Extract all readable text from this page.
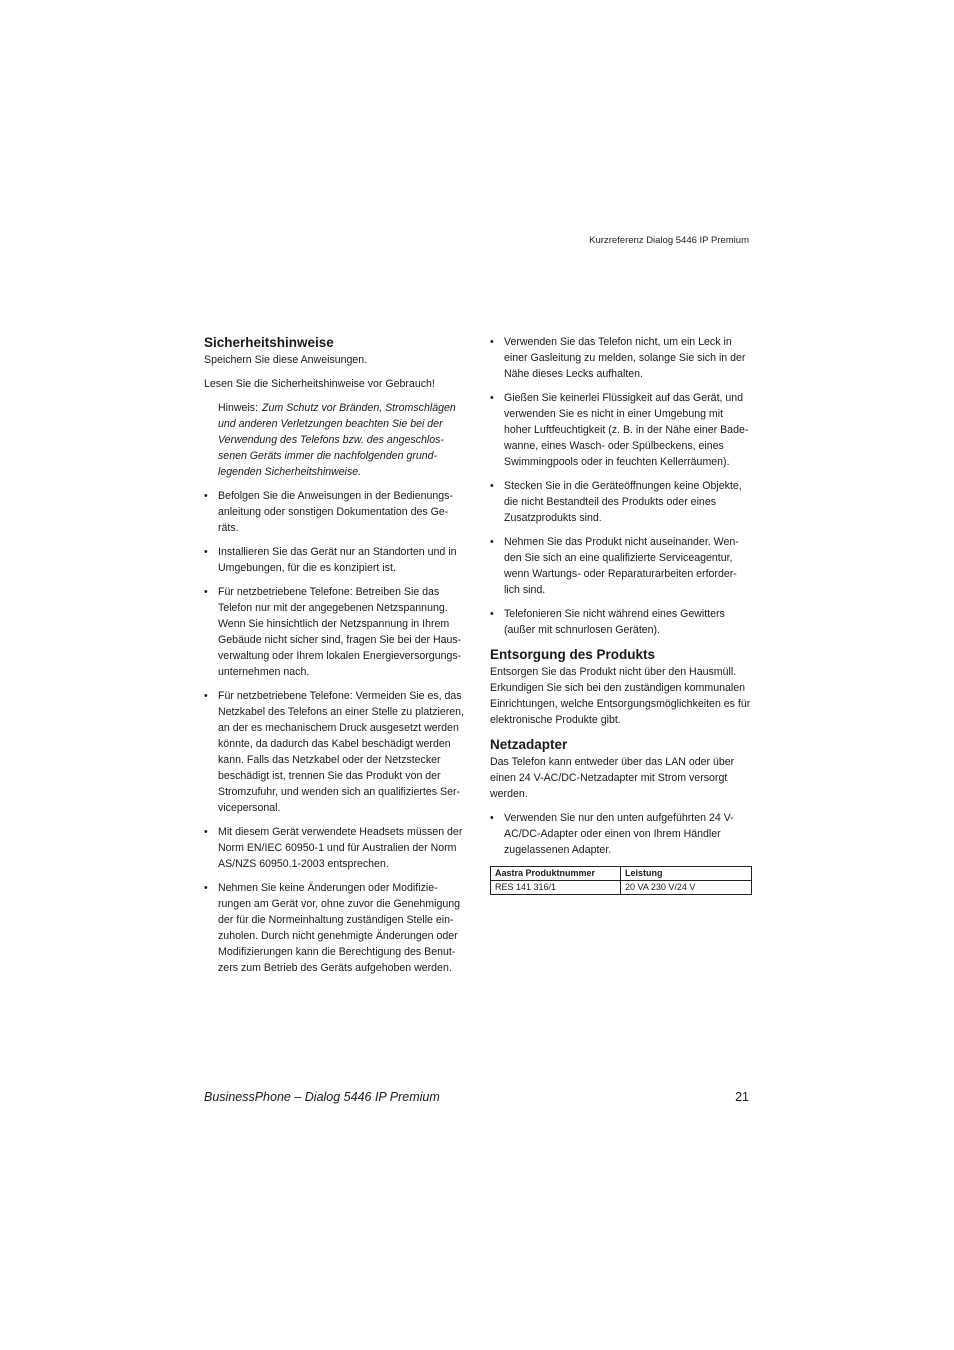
Kurzreferenz Dialog 5446 IP Premium
Sicherheitshinweise

Speichern Sie diese Anweisungen.

Lesen Sie die Sicherheitshinweise vor Gebrauch!

Hinweis: Zum Schutz vor Bränden, Stromschlägen und anderen Verletzungen beachten Sie bei der Verwendung des Telefons bzw. des angeschlos-senen Geräts immer die nachfolgenden grund-legenden Sicherheitshinweise.

• Befolgen Sie die Anweisungen in der Bedienungs-anleitung oder sonstigen Dokumentation des Ge-räts.
• Installieren Sie das Gerät nur an Standorten und in Umgebungen, für die es konzipiert ist.
• Für netzbetriebene Telefone: Betreiben Sie das Telefon nur mit der angegebenen Netzspannung. Wenn Sie hinsichtlich der Netzspannung in Ihrem Gebäude nicht sicher sind, fragen Sie bei der Haus-verwaltung oder Ihrem lokalen Energieversorgungs-unternehmen nach.
• Für netzbetriebene Telefone: Vermeiden Sie es, das Netzkabel des Telefons an einer Stelle zu platzieren, an der es mechanischem Druck ausgesetzt werden könnte, da dadurch das Kabel beschädigt werden kann. Falls das Netzkabel oder der Netzstecker beschädigt ist, trennen Sie das Produkt von der Stromzufuhr, und wenden sich an qualifiziertes Ser-vicepersonal.
• Mit diesem Gerät verwendete Headsets müssen der Norm EN/IEC 60950-1 und für Australien der Norm AS/NZS 60950.1-2003 entsprechen.
• Nehmen Sie keine Änderungen oder Modifizie-rungen am Gerät vor, ohne zuvor die Genehmigung der für die Normeinhaltung zuständigen Stelle ein-zuholen. Durch nicht genehmigte Änderungen oder Modifizierungen kann die Berechtigung des Benut-zers zum Betrieb des Geräts aufgehoben werden.
• Verwenden Sie das Telefon nicht, um ein Leck in einer Gasleitung zu melden, solange Sie sich in der Nähe dieses Lecks aufhalten.
• Gießen Sie keinerlei Flüssigkeit auf das Gerät, und verwenden Sie es nicht in einer Umgebung mit hoher Luftfeuchtigkeit (z. B. in der Nähe einer Bade-wanne, eines Wasch- oder Spülbeckens, eines Swimmingpools oder in feuchten Kellerräumen).
• Stecken Sie in die Geräteöffnungen keine Objekte, die nicht Bestandteil des Produkts oder eines Zusatzprodukts sind.
• Nehmen Sie das Produkt nicht auseinander. Wen-den Sie sich an eine qualifizierte Serviceagentur, wenn Wartungs- oder Reparaturarbeiten erforder-lich sind.
• Telefonieren Sie nicht während eines Gewitters (außer mit schnurlosen Geräten).
Entsorgung des Produkts

Entsorgen Sie das Produkt nicht über den Hausmüll. Erkundigen Sie sich bei den zuständigen kommunalen Einrichtungen, welche Entsorgungsmöglichkeiten es für elektronische Produkte gibt.

Netzadapter

Das Telefon kann entweder über das LAN oder über einen 24 V-AC/DC-Netzadapter mit Strom versorgt werden.

• Verwenden Sie nur den unten aufgeführten 24 V-AC/DC-Adapter oder einen von Ihrem Händler zugelassenen Adapter.
Aastra Produktnummer	Leistung
RES 141 316/1	20 VA 230 V/24 V
BusinessPhone – Dialog 5446 IP Premium	21
